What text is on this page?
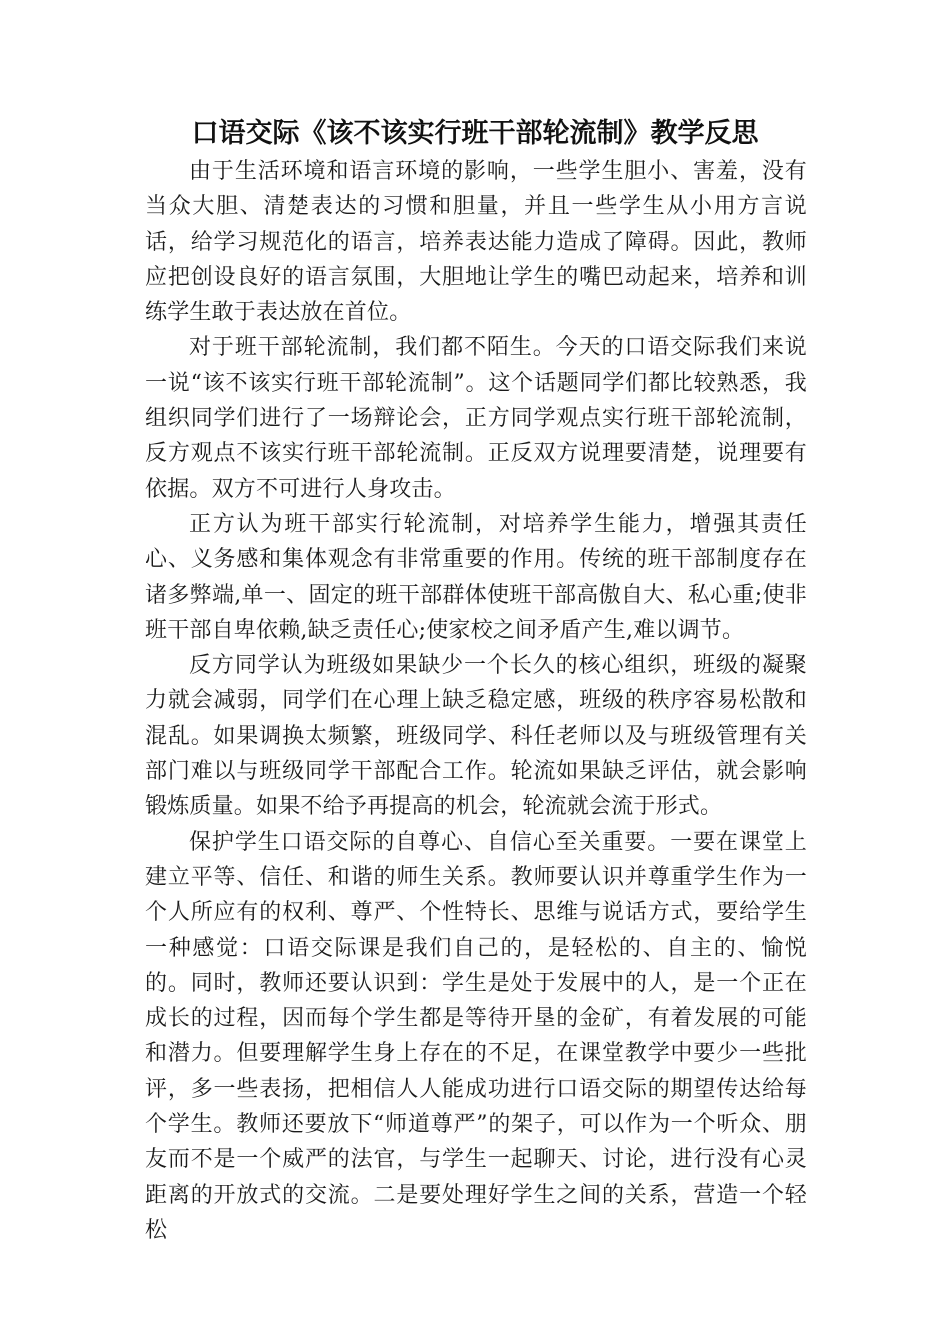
口语交际《该不该实行班干部轮流制》教学反思

由于生活环境和语言环境的影响，一些学生胆小、害羞，没有当众大胆、清楚表达的习惯和胆量，并且一些学生从小用方言说话，给学习规范化的语言，培养表达能力造成了障碍。因此，教师应把创设良好的语言氛围，大胆地让学生的嘴巴动起来，培养和训练学生敢于表达放在首位。

对于班干部轮流制，我们都不陌生。今天的口语交际我们来说一说“该不该实行班干部轮流制”。这个话题同学们都比较熟悉，我组织同学们进行了一场辩论会，正方同学观点实行班干部轮流制，反方观点不该实行班干部轮流制。正反双方说理要清楚，说理要有依据。双方不可进行人身攻击。

正方认为班干部实行轮流制，对培养学生能力，增强其责任心、义务感和集体观念有非常重要的作用。传统的班干部制度存在诸多弊端,单一、固定的班干部群体使班干部高傲自大、私心重;使非班干部自卑依赖,缺乏责任心;使家校之间矛盾产生,难以调节。

反方同学认为班级如果缺少一个长久的核心组织，班级的凝聚力就会减弱，同学们在心理上缺乏稳定感，班级的秩序容易松散和混乱。如果调换太频繁，班级同学、科任老师以及与班级管理有关部门难以与班级同学干部配合工作。轮流如果缺乏评估，就会影响锻炼质量。如果不给予再提高的机会，轮流就会流于形式。

保护学生口语交际的自尊心、自信心至关重要。一要在课堂上建立平等、信任、和谐的师生关系。教师要认识并尊重学生作为一个人所应有的权利、尊严、个性特长、思维与说话方式，要给学生一种感觉：口语交际课是我们自己的，是轻松的、自主的、愉悦的。同时，教师还要认识到：学生是处于发展中的人，是一个正在成长的过程，因而每个学生都是等待开垦的金矿，有着发展的可能和潜力。但要理解学生身上存在的不足，在课堂教学中要少一些批评，多一些表扬，把相信人人能成功进行口语交际的期望传达给每个学生。教师还要放下“师道尊严”的架子，可以作为一个听众、朋友而不是一个威严的法官，与学生一起聊天、讨论，进行没有心灵距离的开放式的交流。二是要处理好学生之间的关系，营造一个轻松
